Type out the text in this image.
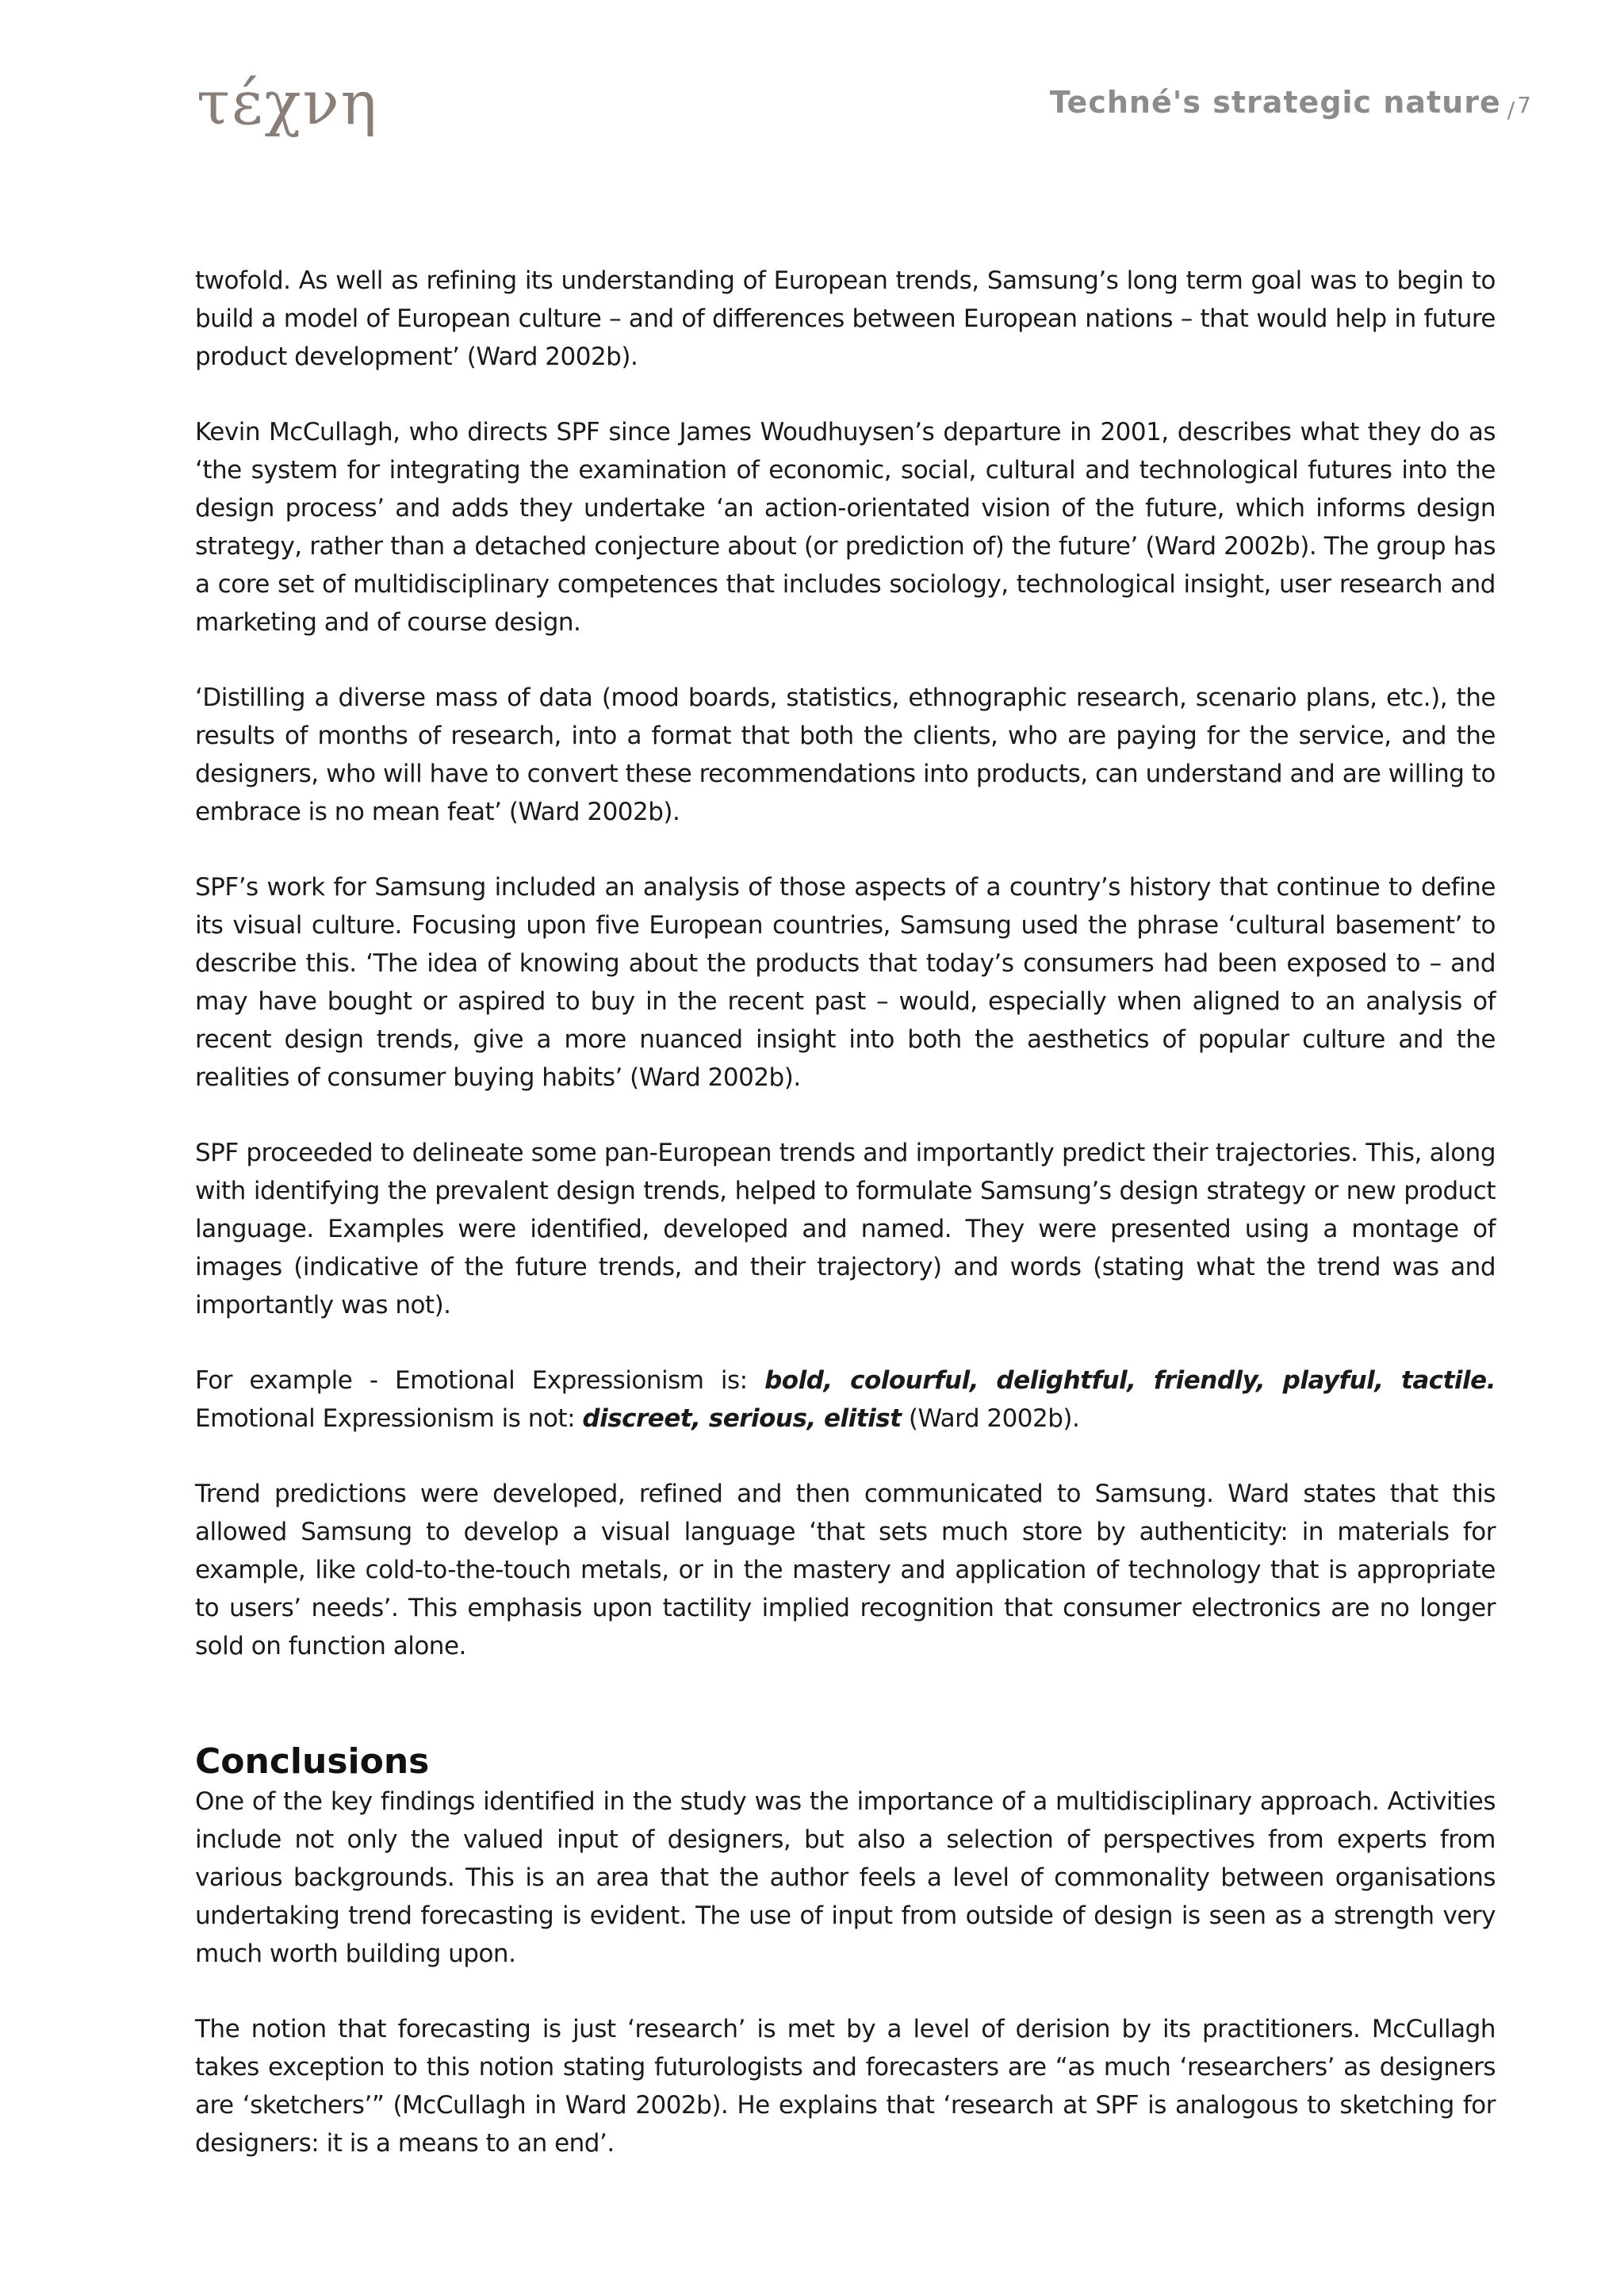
τέχνη	Techné's strategic nature /7

twofold. As well as refining its understanding of European trends, Samsung’s long term goal was to begin to build a model of European culture – and of differences between European nations – that would help in future product development’ (Ward 2002b).

Kevin McCullagh, who directs SPF since James Woudhuysen’s departure in 2001, describes what they do as ‘the system for integrating the examination of economic, social, cultural and technological futures into the design process’ and adds they undertake ‘an action-orientated vision of the future, which informs design strategy, rather than a detached conjecture about (or prediction of) the future’ (Ward 2002b). The group has a core set of multidisciplinary competences that includes sociology, technological insight, user research and marketing and of course design.

‘Distilling a diverse mass of data (mood boards, statistics, ethnographic research, scenario plans, etc.), the results of months of research, into a format that both the clients, who are paying for the service, and the designers, who will have to convert these recommendations into products, can understand and are willing to embrace is no mean feat’ (Ward 2002b).

SPF’s work for Samsung included an analysis of those aspects of a country’s history that continue to define its visual culture. Focusing upon five European countries, Samsung used the phrase ‘cultural basement’ to describe this. ‘The idea of knowing about the products that today’s consumers had been exposed to – and may have bought or aspired to buy in the recent past – would, especially when aligned to an analysis of recent design trends, give a more nuanced insight into both the aesthetics of popular culture and the realities of consumer buying habits’ (Ward 2002b).

SPF proceeded to delineate some pan-European trends and importantly predict their trajectories. This, along with identifying the prevalent design trends, helped to formulate Samsung’s design strategy or new product language. Examples were identified, developed and named. They were presented using a montage of images (indicative of the future trends, and their trajectory) and words (stating what the trend was and importantly was not).

For example - Emotional Expressionism is: bold, colourful, delightful, friendly, playful, tactile. Emotional Expressionism is not: discreet, serious, elitist (Ward 2002b).

Trend predictions were developed, refined and then communicated to Samsung. Ward states that this allowed Samsung to develop a visual language ‘that sets much store by authenticity: in materials for example, like cold-to-the-touch metals, or in the mastery and application of technology that is appropriate to users’ needs’. This emphasis upon tactility implied recognition that consumer electronics are no longer sold on function alone.

Conclusions

One of the key findings identified in the study was the importance of a multidisciplinary approach. Activities include not only the valued input of designers, but also a selection of perspectives from experts from various backgrounds. This is an area that the author feels a level of commonality between organisations undertaking trend forecasting is evident. The use of input from outside of design is seen as a strength very much worth building upon.

The notion that forecasting is just ‘research’ is met by a level of derision by its practitioners. McCullagh takes exception to this notion stating futurologists and forecasters are “as much ‘researchers’ as designers are ‘sketchers’” (McCullagh in Ward 2002b). He explains that ‘research at SPF is analogous to sketching for designers: it is a means to an end’.
